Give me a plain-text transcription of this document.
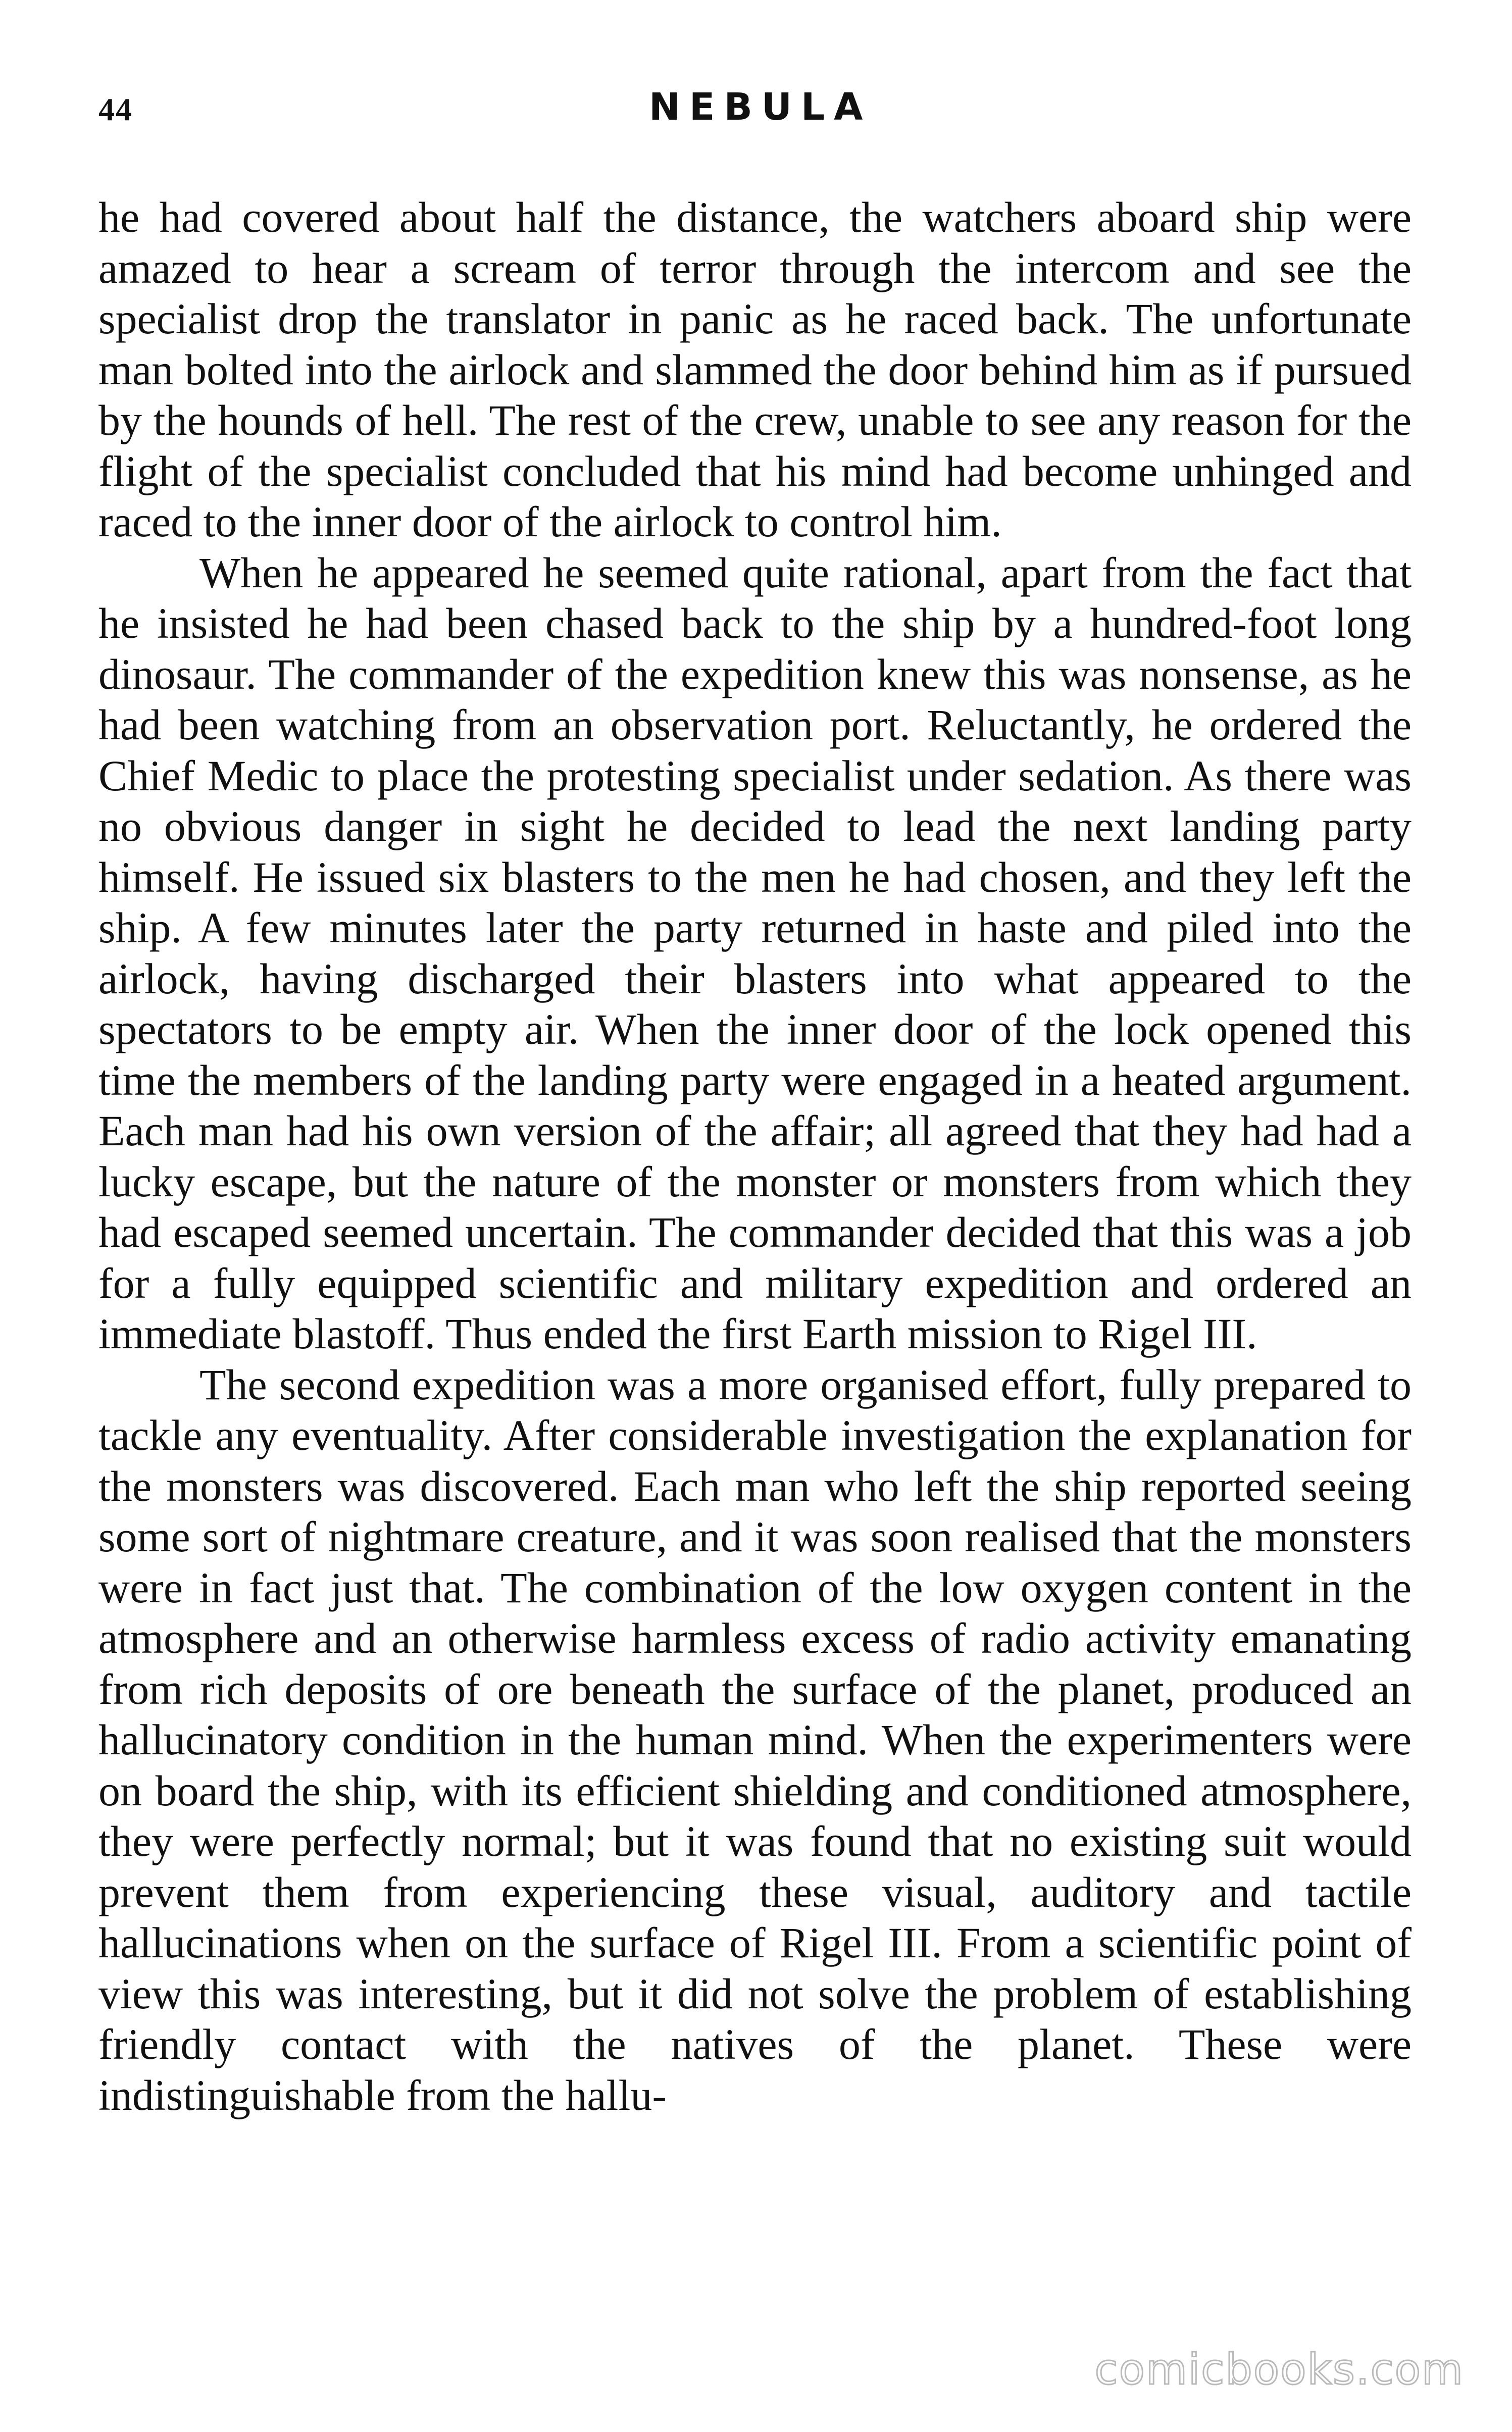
44	NEBULA

he had covered about half the distance, the watchers aboard ship were amazed to hear a scream of terror through the intercom and see the specialist drop the translator in panic as he raced back. The unfortunate man bolted into the airlock and slammed the door behind him as if pursued by the hounds of hell. The rest of the crew, unable to see any reason for the flight of the specialist concluded that his mind had become unhinged and raced to the inner door of the airlock to control him.

When he appeared he seemed quite rational, apart from the fact that he insisted he had been chased back to the ship by a hundred-foot long dinosaur. The commander of the expedition knew this was nonsense, as he had been watching from an observation port. Reluctantly, he ordered the Chief Medic to place the protesting specialist under sedation. As there was no obvious danger in sight he decided to lead the next landing party himself. He issued six blasters to the men he had chosen, and they left the ship. A few minutes later the party returned in haste and piled into the airlock, having discharged their blasters into what appeared to the spectators to be empty air. When the inner door of the lock opened this time the members of the landing party were engaged in a heated argument. Each man had his own version of the affair; all agreed that they had had a lucky escape, but the nature of the monster or monsters from which they had escaped seemed uncertain. The commander decided that this was a job for a fully equipped scientific and military expedition and ordered an immediate blastoff. Thus ended the first Earth mission to Rigel III.

The second expedition was a more organised effort, fully prepared to tackle any eventuality. After considerable investigation the explanation for the monsters was discovered. Each man who left the ship reported seeing some sort of nightmare creature, and it was soon realised that the monsters were in fact just that. The combination of the low oxygen content in the atmosphere and an otherwise harmless excess of radio activity emanating from rich deposits of ore beneath the surface of the planet, produced an hallucinatory condition in the human mind. When the experimenters were on board the ship, with its efficient shielding and conditioned atmosphere, they were perfectly normal; but it was found that no existing suit would prevent them from experiencing these visual, auditory and tactile hallucinations when on the surface of Rigel III. From a scientific point of view this was interesting, but it did not solve the problem of establishing friendly contact with the natives of the planet. These were indistinguishable from the hallu-

comicbooks.com
